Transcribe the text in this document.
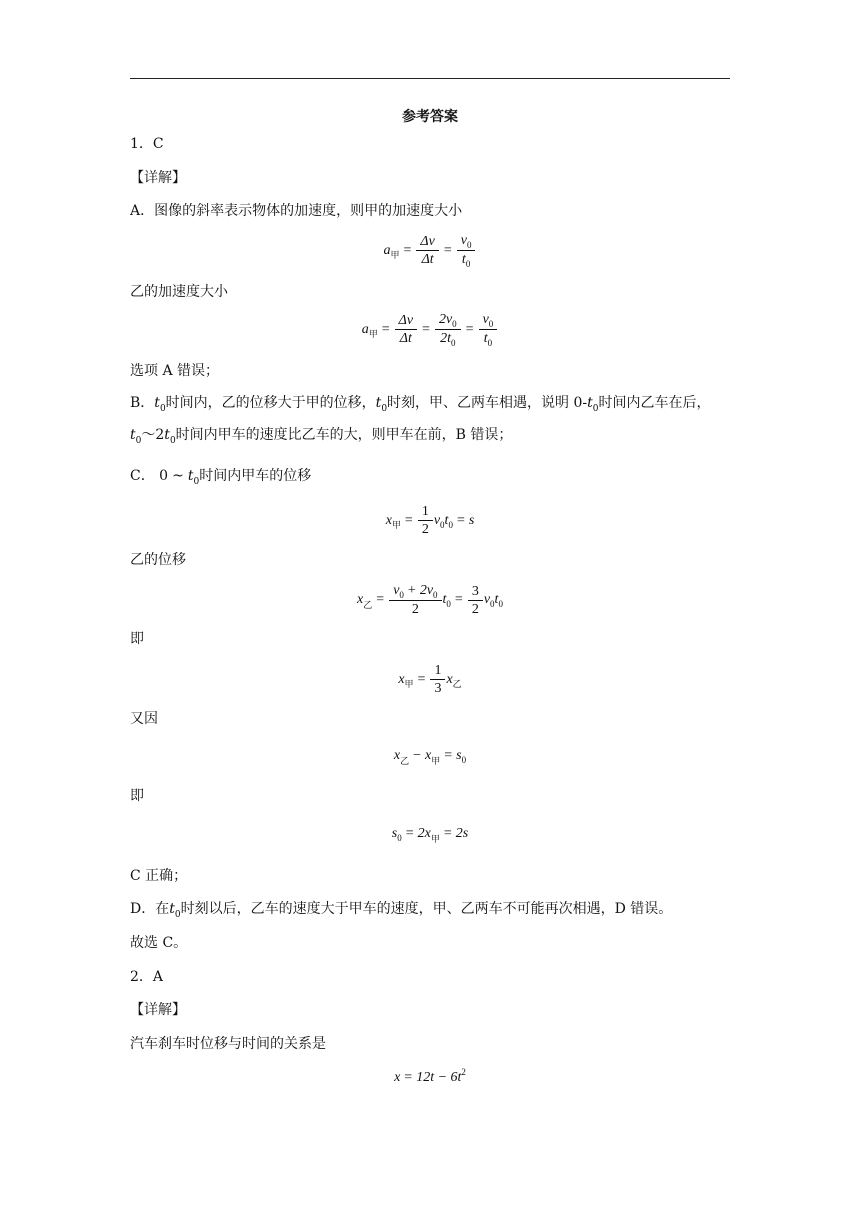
参考答案
1．C
【详解】
A．图像的斜率表示物体的加速度，则甲的加速度大小
a 甲 = $\frac{\Delta v}{\Delta t} = \frac{v_0}{t_0}$
乙的加速度大小
a 甲 = $\frac{\Delta v}{\Delta t} = \frac{2v_0}{2t_0} = \frac{v_0}{t_0}$
选项 A 错误；
B．$t_0$时间内，乙的位移大于甲的位移，$t_0$时刻，甲、乙两车相遇，说明 $0-t_0$时间内乙车在后，
$t_0\sim 2t_0$时间内甲车的速度比乙车的大，则甲车在前，B 错误；
C． 0 ~ $t_0$时间内甲车的位移
x 甲 = $\frac{1}{2}$ v 0 t 0 = s
乙的位移
x 乙 = $\frac{v_0 + 2v_0}{2}$ t $0 = \frac{3}{2}$ v 0 t 0
即
x 甲 = $\frac{1}{3}$ x 乙
又因
x 乙 − x 甲 = s 0
即
s 0 = 2x 甲 = 2s
C 正确；
D．在$t_0$时刻以后，乙车的速度大于甲车的速度，甲、乙两车不可能再次相遇，D 错误。
故选 C。
2．A
【详解】
汽车刹车时位移与时间的关系是
x = 12t − 6t 2
